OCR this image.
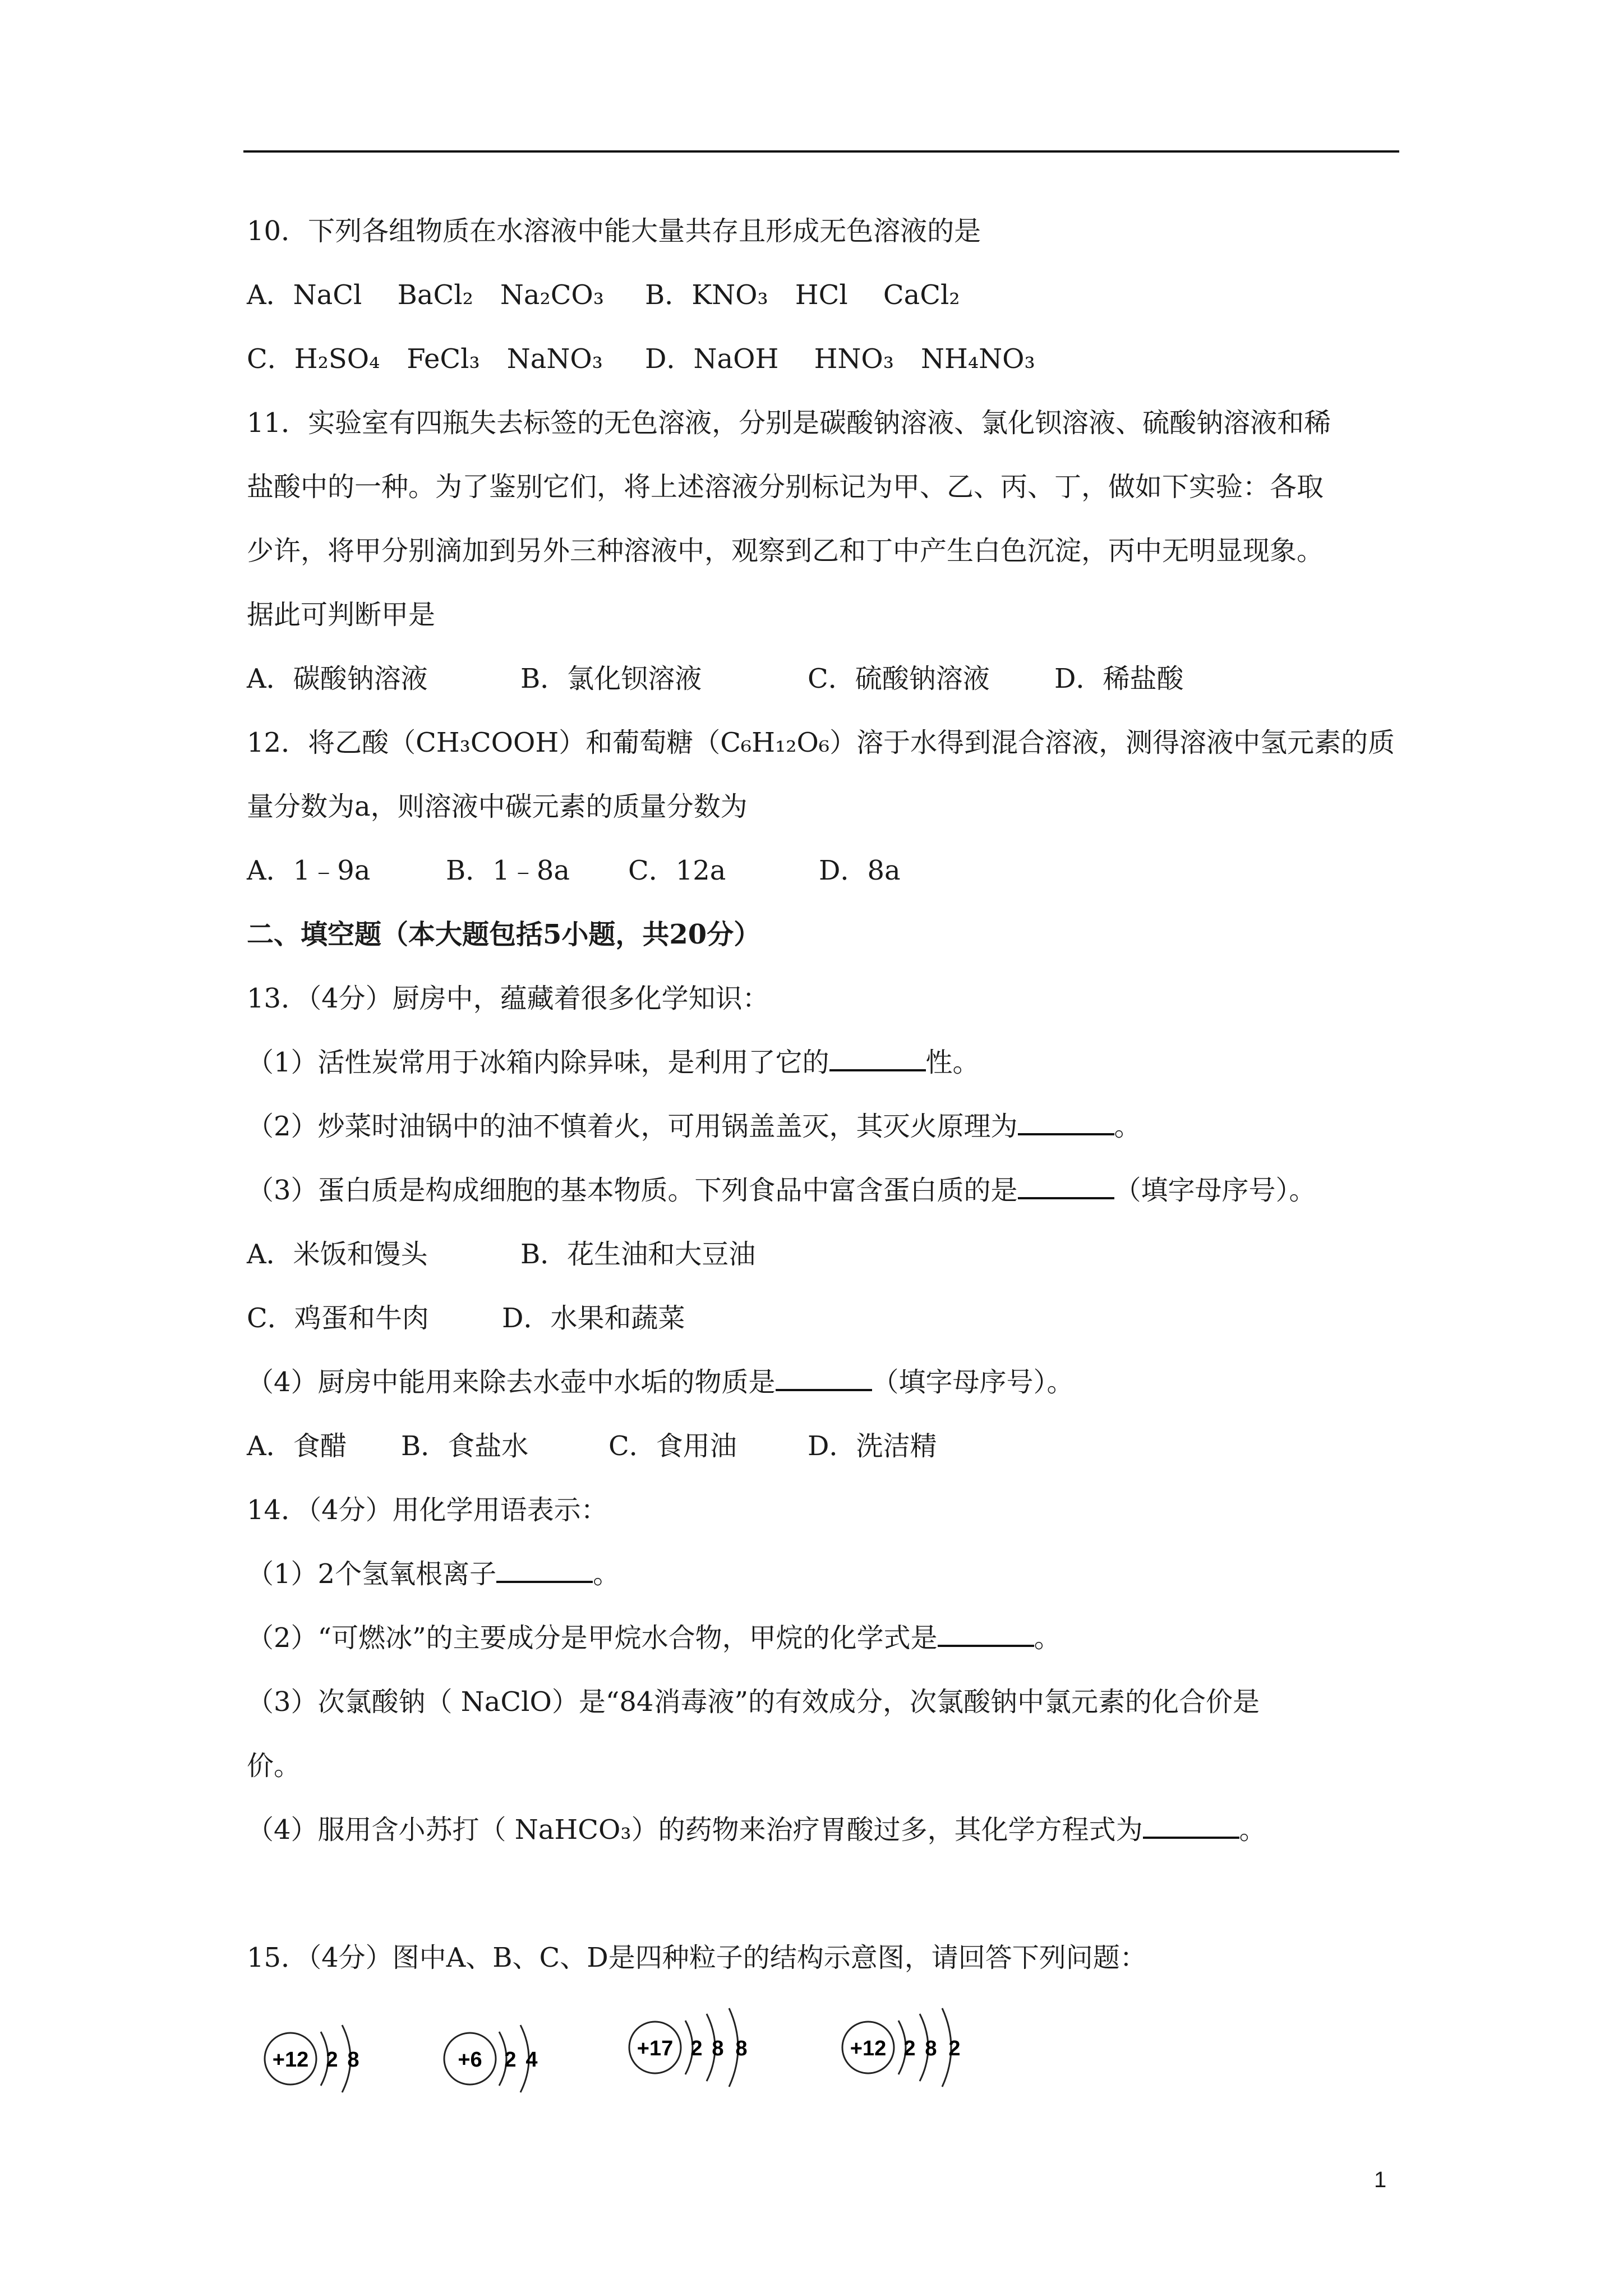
10．下列各组物质在水溶液中能大量共存且形成无色溶液的是
A．NaCl　 BaCl₂　Na₂CO₃ B．KNO₃　HCl　 CaCl₂
C．H₂SO₄　FeCl₃　NaNO₃ D．NaOH　 HNO₃　NH₄NO₃
11．实验室有四瓶失去标签的无色溶液，分别是碳酸钠溶液、氯化钡溶液、硫酸钠溶液和稀
盐酸中的一种。为了鉴别它们，将上述溶液分别标记为甲、乙、丙、丁，做如下实验：各取
少许，将甲分别滴加到另外三种溶液中，观察到乙和丁中产生白色沉淀，丙中无明显现象。
据此可判断甲是
A．碳酸钠溶液	B．氯化钡溶液	C．硫酸钠溶液 D．稀盐酸
12．将乙酸（CH₃COOH）和葡萄糖（C₆H₁₂O₆）溶于水得到混合溶液，测得溶液中氢元素的质
量分数为a，则溶液中碳元素的质量分数为
A．1﹣9a	B．1﹣8a C．12a	D．8a
二、填空题（本大题包括5小题，共20分）
13．（4分）厨房中，蕴藏着很多化学知识：
（1）活性炭常用于冰箱内除异味，是利用了它的	性。
（2）炒菜时油锅中的油不慎着火，可用锅盖盖灭，其灭火原理为	。
（3）蛋白质是构成细胞的基本物质。下列食品中富含蛋白质的是	（填字母序号）。
A．米饭和馒头	B．花生油和大豆油
C．鸡蛋和牛肉	D．水果和蔬菜
（4）厨房中能用来除去水壶中水垢的物质是	（填字母序号）。
A．食醋 B．食盐水	C．食用油	D．洗洁精
14．（4分）用化学用语表示：
（1）2个氢氧根离子	。
（2）“可燃冰”的主要成分是甲烷水合物，甲烷的化学式是	。
（3）次氯酸钠（ NaClO）是“84消毒液”的有效成分，次氯酸钠中氯元素的化合价是
价。
（4）服用含小苏打（ NaHCO₃）的药物来治疗胃酸过多，其化学方程式为	。
15．（4分）图中A、B、C、D是四种粒子的结构示意图，请回答下列问题：
+12 2 8	+6 2 4	+17 2 8 8	+12 2 8 2
1
